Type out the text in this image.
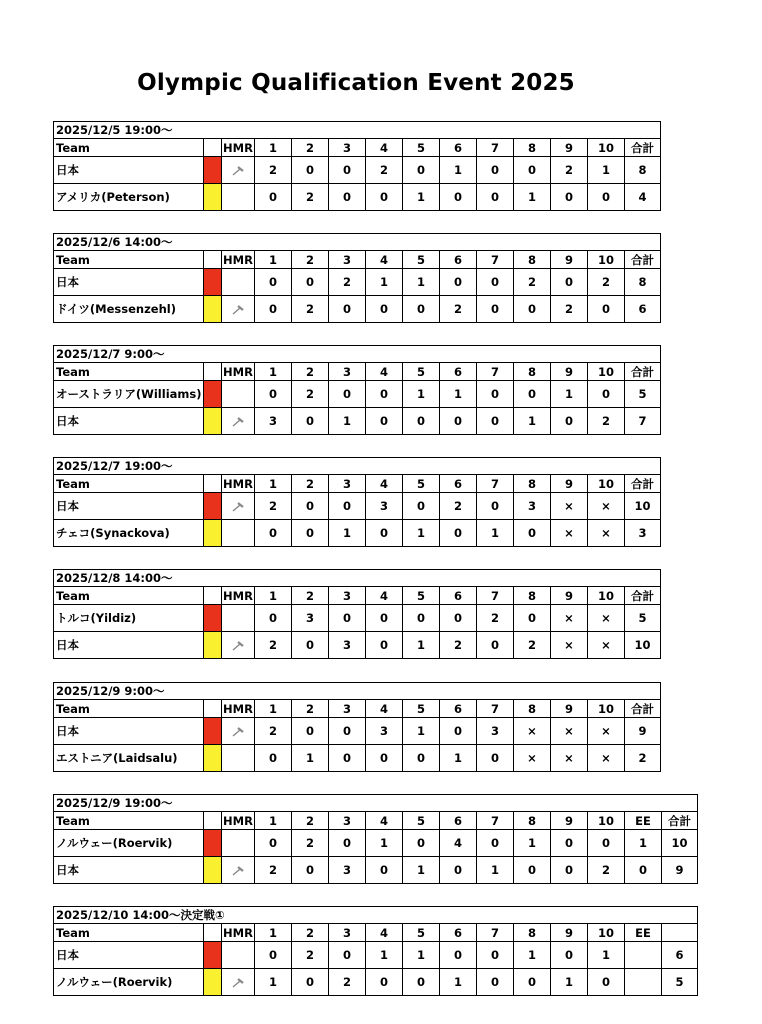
Olympic Qualification Event 2025
2025/12/5 19:00～													
Team		HMR	1	2	3	4	5	6	7	8	9	10	合計
日本			2	0	0	2	0	1	0	0	2	1	8
アメリカ(Peterson)			0	2	0	0	1	0	0	1	0	0	4
2025/12/6 14:00～													
Team		HMR	1	2	3	4	5	6	7	8	9	10	合計
日本			0	0	2	1	1	0	0	2	0	2	8
ドイツ(Messenzehl)			0	2	0	0	0	2	0	0	2	0	6
2025/12/7 9:00～													
Team		HMR	1	2	3	4	5	6	7	8	9	10	合計
オーストラリア(Williams)			0	2	0	0	1	1	0	0	1	0	5
日本			3	0	1	0	0	0	0	1	0	2	7
2025/12/7 19:00～													
Team		HMR	1	2	3	4	5	6	7	8	9	10	合計
日本			2	0	0	3	0	2	0	3	×	×	10
チェコ(Synackova)			0	0	1	0	1	0	1	0	×	×	3
2025/12/8 14:00～													
Team		HMR	1	2	3	4	5	6	7	8	9	10	合計
トルコ(Yildiz)			0	3	0	0	0	0	2	0	×	×	5
日本			2	0	3	0	1	2	0	2	×	×	10
2025/12/9 9:00～													
Team		HMR	1	2	3	4	5	6	7	8	9	10	合計
日本			2	0	0	3	1	0	3	×	×	×	9
エストニア(Laidsalu)			0	1	0	0	0	1	0	×	×	×	2
2025/12/9 19:00～														
Team		HMR	1	2	3	4	5	6	7	8	9	10	EE	合計
ノルウェー(Roervik)			0	2	0	1	0	4	0	1	0	0	1	10
日本			2	0	3	0	1	0	1	0	0	2	0	9
2025/12/10 14:00～決定戦①														
Team		HMR	1	2	3	4	5	6	7	8	9	10	EE	
日本			0	2	0	1	1	0	0	1	0	1		6
ノルウェー(Roervik)			1	0	2	0	0	1	0	0	1	0		5
